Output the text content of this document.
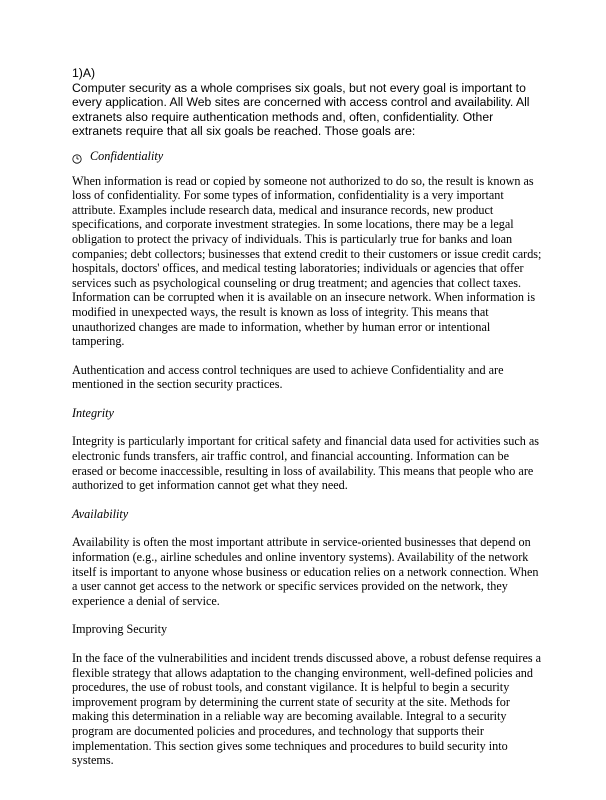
1)A)

Computer security as a whole comprises six goals, but not every goal is important to every application. All Web sites are concerned with access control and availability. All extranets also require authentication methods and, often, confidentiality. Other extranets require that all six goals be reached. Those goals are:

Confidentiality

When information is read or copied by someone not authorized to do so, the result is known as loss of confidentiality. For some types of information, confidentiality is a very important attribute. Examples include research data, medical and insurance records, new product specifications, and corporate investment strategies. In some locations, there may be a legal obligation to protect the privacy of individuals. This is particularly true for banks and loan companies; debt collectors; businesses that extend credit to their customers or issue credit cards; hospitals, doctors' offices, and medical testing laboratories; individuals or agencies that offer services such as psychological counseling or drug treatment; and agencies that collect taxes. Information can be corrupted when it is available on an insecure network. When information is modified in unexpected ways, the result is known as loss of integrity. This means that unauthorized changes are made to information, whether by human error or intentional tampering.

Authentication and access control techniques are used to achieve Confidentiality and are mentioned in the section security practices.

Integrity

Integrity is particularly important for critical safety and financial data used for activities such as electronic funds transfers, air traffic control, and financial accounting. Information can be erased or become inaccessible, resulting in loss of availability. This means that people who are authorized to get information cannot get what they need.

Availability

Availability is often the most important attribute in service-oriented businesses that depend on information (e.g., airline schedules and online inventory systems). Availability of the network itself is important to anyone whose business or education relies on a network connection. When a user cannot get access to the network or specific services provided on the network, they experience a denial of service.

Improving Security

In the face of the vulnerabilities and incident trends discussed above, a robust defense requires a flexible strategy that allows adaptation to the changing environment, well-defined policies and procedures, the use of robust tools, and constant vigilance. It is helpful to begin a security improvement program by determining the current state of security at the site. Methods for making this determination in a reliable way are becoming available. Integral to a security program are documented policies and procedures, and technology that supports their implementation. This section gives some techniques and procedures to build security into systems.
